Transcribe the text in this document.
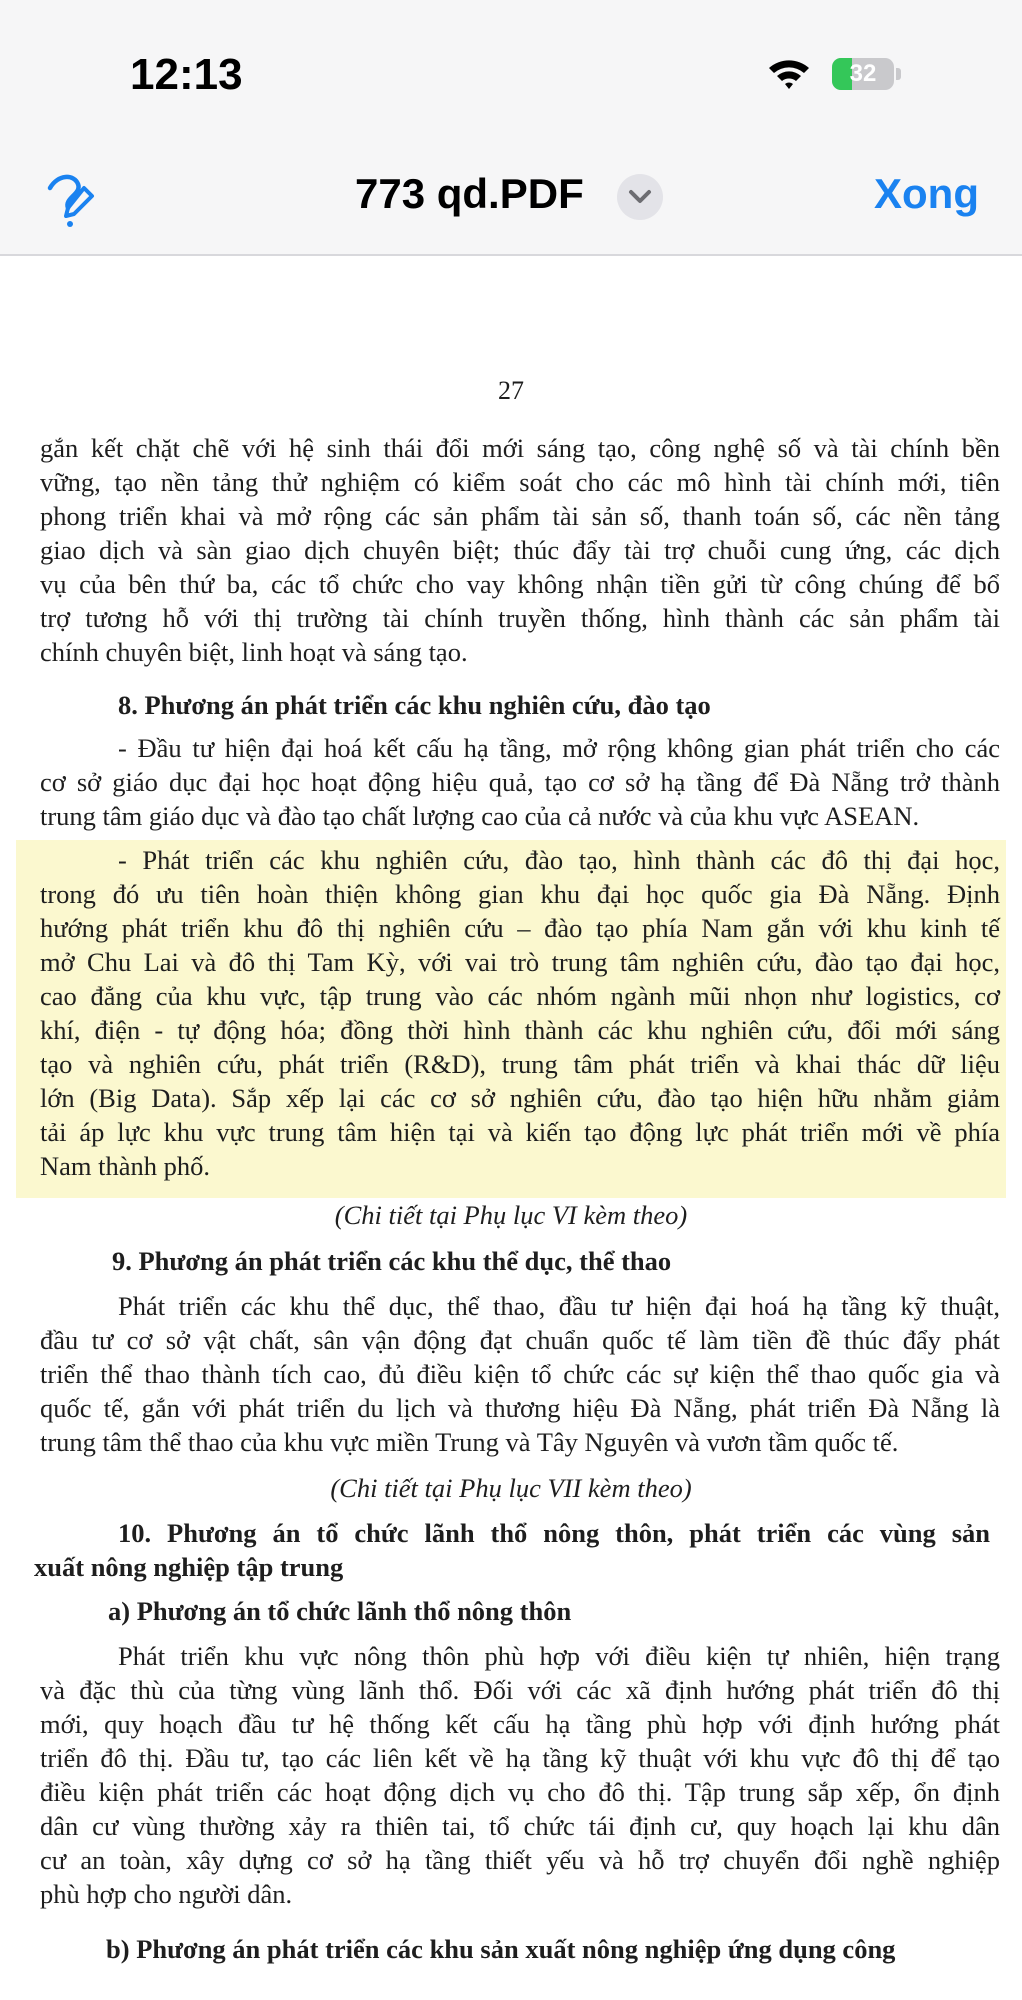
12:13	32
773 qd.PDF	Xong
27
gắn kết chặt chẽ với hệ sinh thái đổi mới sáng tạo, công nghệ số và tài chính bền
vững, tạo nền tảng thử nghiệm có kiểm soát cho các mô hình tài chính mới, tiên
phong triển khai và mở rộng các sản phẩm tài sản số, thanh toán số, các nền tảng
giao dịch và sàn giao dịch chuyên biệt; thúc đẩy tài trợ chuỗi cung ứng, các dịch
vụ của bên thứ ba, các tổ chức cho vay không nhận tiền gửi từ công chúng để bổ
trợ tương hỗ với thị trường tài chính truyền thống, hình thành các sản phẩm tài
chính chuyên biệt, linh hoạt và sáng tạo.
8. Phương án phát triển các khu nghiên cứu, đào tạo
- Đầu tư hiện đại hoá kết cấu hạ tầng, mở rộng không gian phát triển cho các
cơ sở giáo dục đại học hoạt động hiệu quả, tạo cơ sở hạ tầng để Đà Nẵng trở thành
trung tâm giáo dục và đào tạo chất lượng cao của cả nước và của khu vực ASEAN.
- Phát triển các khu nghiên cứu, đào tạo, hình thành các đô thị đại học,
trong đó ưu tiên hoàn thiện không gian khu đại học quốc gia Đà Nẵng. Định
hướng phát triển khu đô thị nghiên cứu – đào tạo phía Nam gắn với khu kinh tế
mở Chu Lai và đô thị Tam Kỳ, với vai trò trung tâm nghiên cứu, đào tạo đại học,
cao đẳng của khu vực, tập trung vào các nhóm ngành mũi nhọn như logistics, cơ
khí, điện - tự động hóa; đồng thời hình thành các khu nghiên cứu, đổi mới sáng
tạo và nghiên cứu, phát triển (R&D), trung tâm phát triển và khai thác dữ liệu
lớn (Big Data). Sắp xếp lại các cơ sở nghiên cứu, đào tạo hiện hữu nhằm giảm
tải áp lực khu vực trung tâm hiện tại và kiến tạo động lực phát triển mới về phía
Nam thành phố.
(Chi tiết tại Phụ lục VI kèm theo)
9. Phương án phát triển các khu thể dục, thể thao
Phát triển các khu thể dục, thể thao, đầu tư hiện đại hoá hạ tầng kỹ thuật,
đầu tư cơ sở vật chất, sân vận động đạt chuẩn quốc tế làm tiền đề thúc đẩy phát
triển thể thao thành tích cao, đủ điều kiện tổ chức các sự kiện thể thao quốc gia và
quốc tế, gắn với phát triển du lịch và thương hiệu Đà Nẵng, phát triển Đà Nẵng là
trung tâm thể thao của khu vực miền Trung và Tây Nguyên và vươn tầm quốc tế.
(Chi tiết tại Phụ lục VII kèm theo)
10. Phương án tổ chức lãnh thổ nông thôn, phát triển các vùng sản
xuất nông nghiệp tập trung
a) Phương án tổ chức lãnh thổ nông thôn
Phát triển khu vực nông thôn phù hợp với điều kiện tự nhiên, hiện trạng
và đặc thù của từng vùng lãnh thổ. Đối với các xã định hướng phát triển đô thị
mới, quy hoạch đầu tư hệ thống kết cấu hạ tầng phù hợp với định hướng phát
triển đô thị. Đầu tư, tạo các liên kết về hạ tầng kỹ thuật với khu vực đô thị để tạo
điều kiện phát triển các hoạt động dịch vụ cho đô thị. Tập trung sắp xếp, ổn định
dân cư vùng thường xảy ra thiên tai, tổ chức tái định cư, quy hoạch lại khu dân
cư an toàn, xây dựng cơ sở hạ tầng thiết yếu và hỗ trợ chuyển đổi nghề nghiệp
phù hợp cho người dân.
b) Phương án phát triển các khu sản xuất nông nghiệp ứng dụng công
